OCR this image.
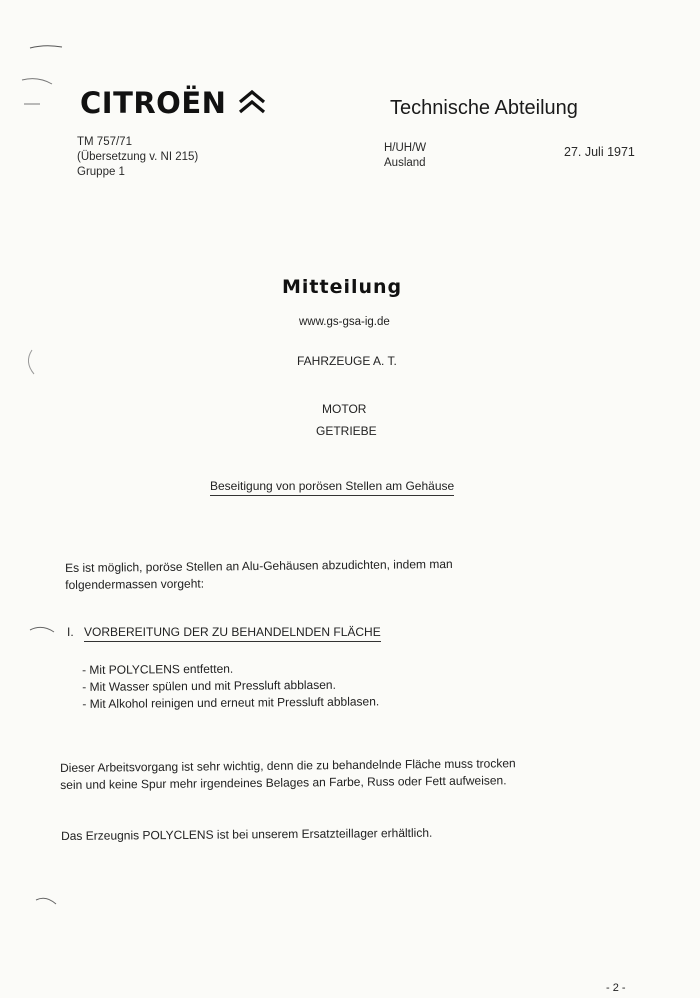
CITROËN	Technische Abteilung
TM 757/71
(Übersetzung v. NI 215)
Gruppe 1
H/UH/W
Ausland
27. Juli 1971
Mitteilung
www.gs-gsa-ig.de
FAHRZEUGE A. T.
MOTOR
GETRIEBE
Beseitigung von porösen Stellen am Gehäuse
Es ist möglich, poröse Stellen an Alu-Gehäusen abzudichten, indem man
folgendermassen vorgeht:
I. VORBEREITUNG DER ZU BEHANDELNDEN FLÄCHE
- Mit POLYCLENS entfetten.
- Mit Wasser spülen und mit Pressluft abblasen.
- Mit Alkohol reinigen und erneut mit Pressluft abblasen.
Dieser Arbeitsvorgang ist sehr wichtig, denn die zu behandelnde Fläche muss trocken
sein und keine Spur mehr irgendeines Belages an Farbe, Russ oder Fett aufweisen.
Das Erzeugnis POLYCLENS ist bei unserem Ersatzteillager erhältlich.
- 2 -
